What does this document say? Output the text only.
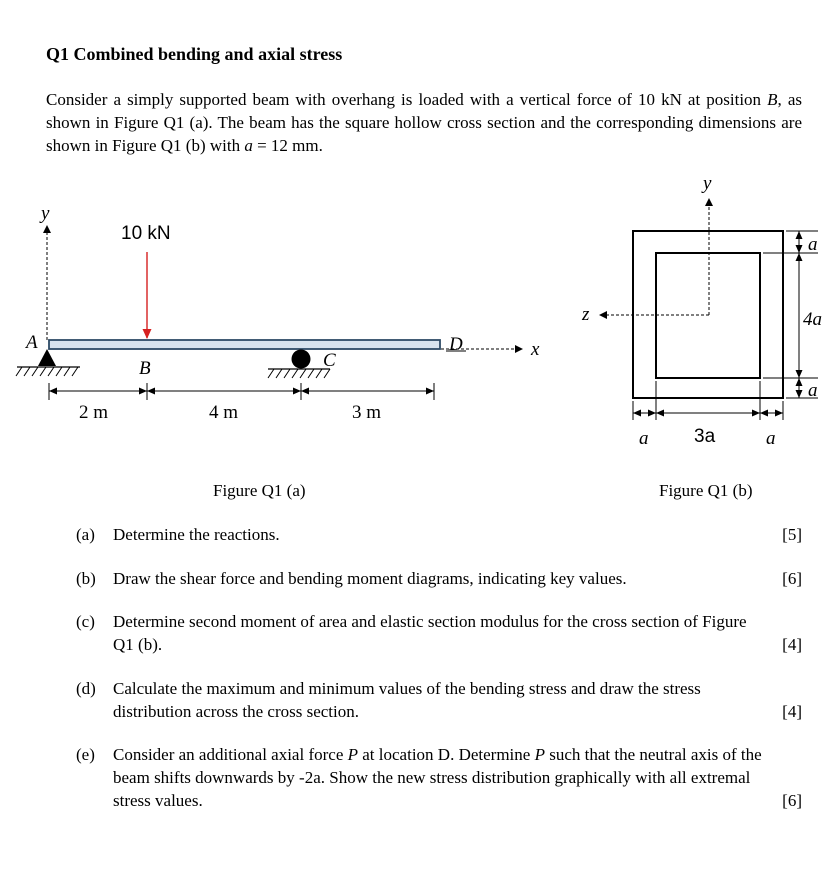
Q1 Combined bending and axial stress
Consider a simply supported beam with overhang is loaded with a vertical force of 10 kN at position B, as shown in Figure Q1 (a). The beam has the square hollow cross section and the corresponding dimensions are shown in Figure Q1 (b) with a = 12 mm.
y
x
A
10 kN
B	C
D
2 m	4 m	3 m
y
z
a
4a
a
a 3a	a
Figure Q1 (a)	Figure Q1 (b)
(a) Determine the reactions.	[5]
(b) Draw the shear force and bending moment diagrams, indicating key values.	[6]
(c) Determine second moment of area and elastic section modulus for the cross section of Figure Q1 (b).	[4]
(d) Calculate the maximum and minimum values of the bending stress and draw the stress distribution across the cross section.	[4]
(e) Consider an additional axial force P at location D. Determine P such that the neutral axis of the beam shifts downwards by -2a. Show the new stress distribution graphically with all extremal stress values.	[6]
